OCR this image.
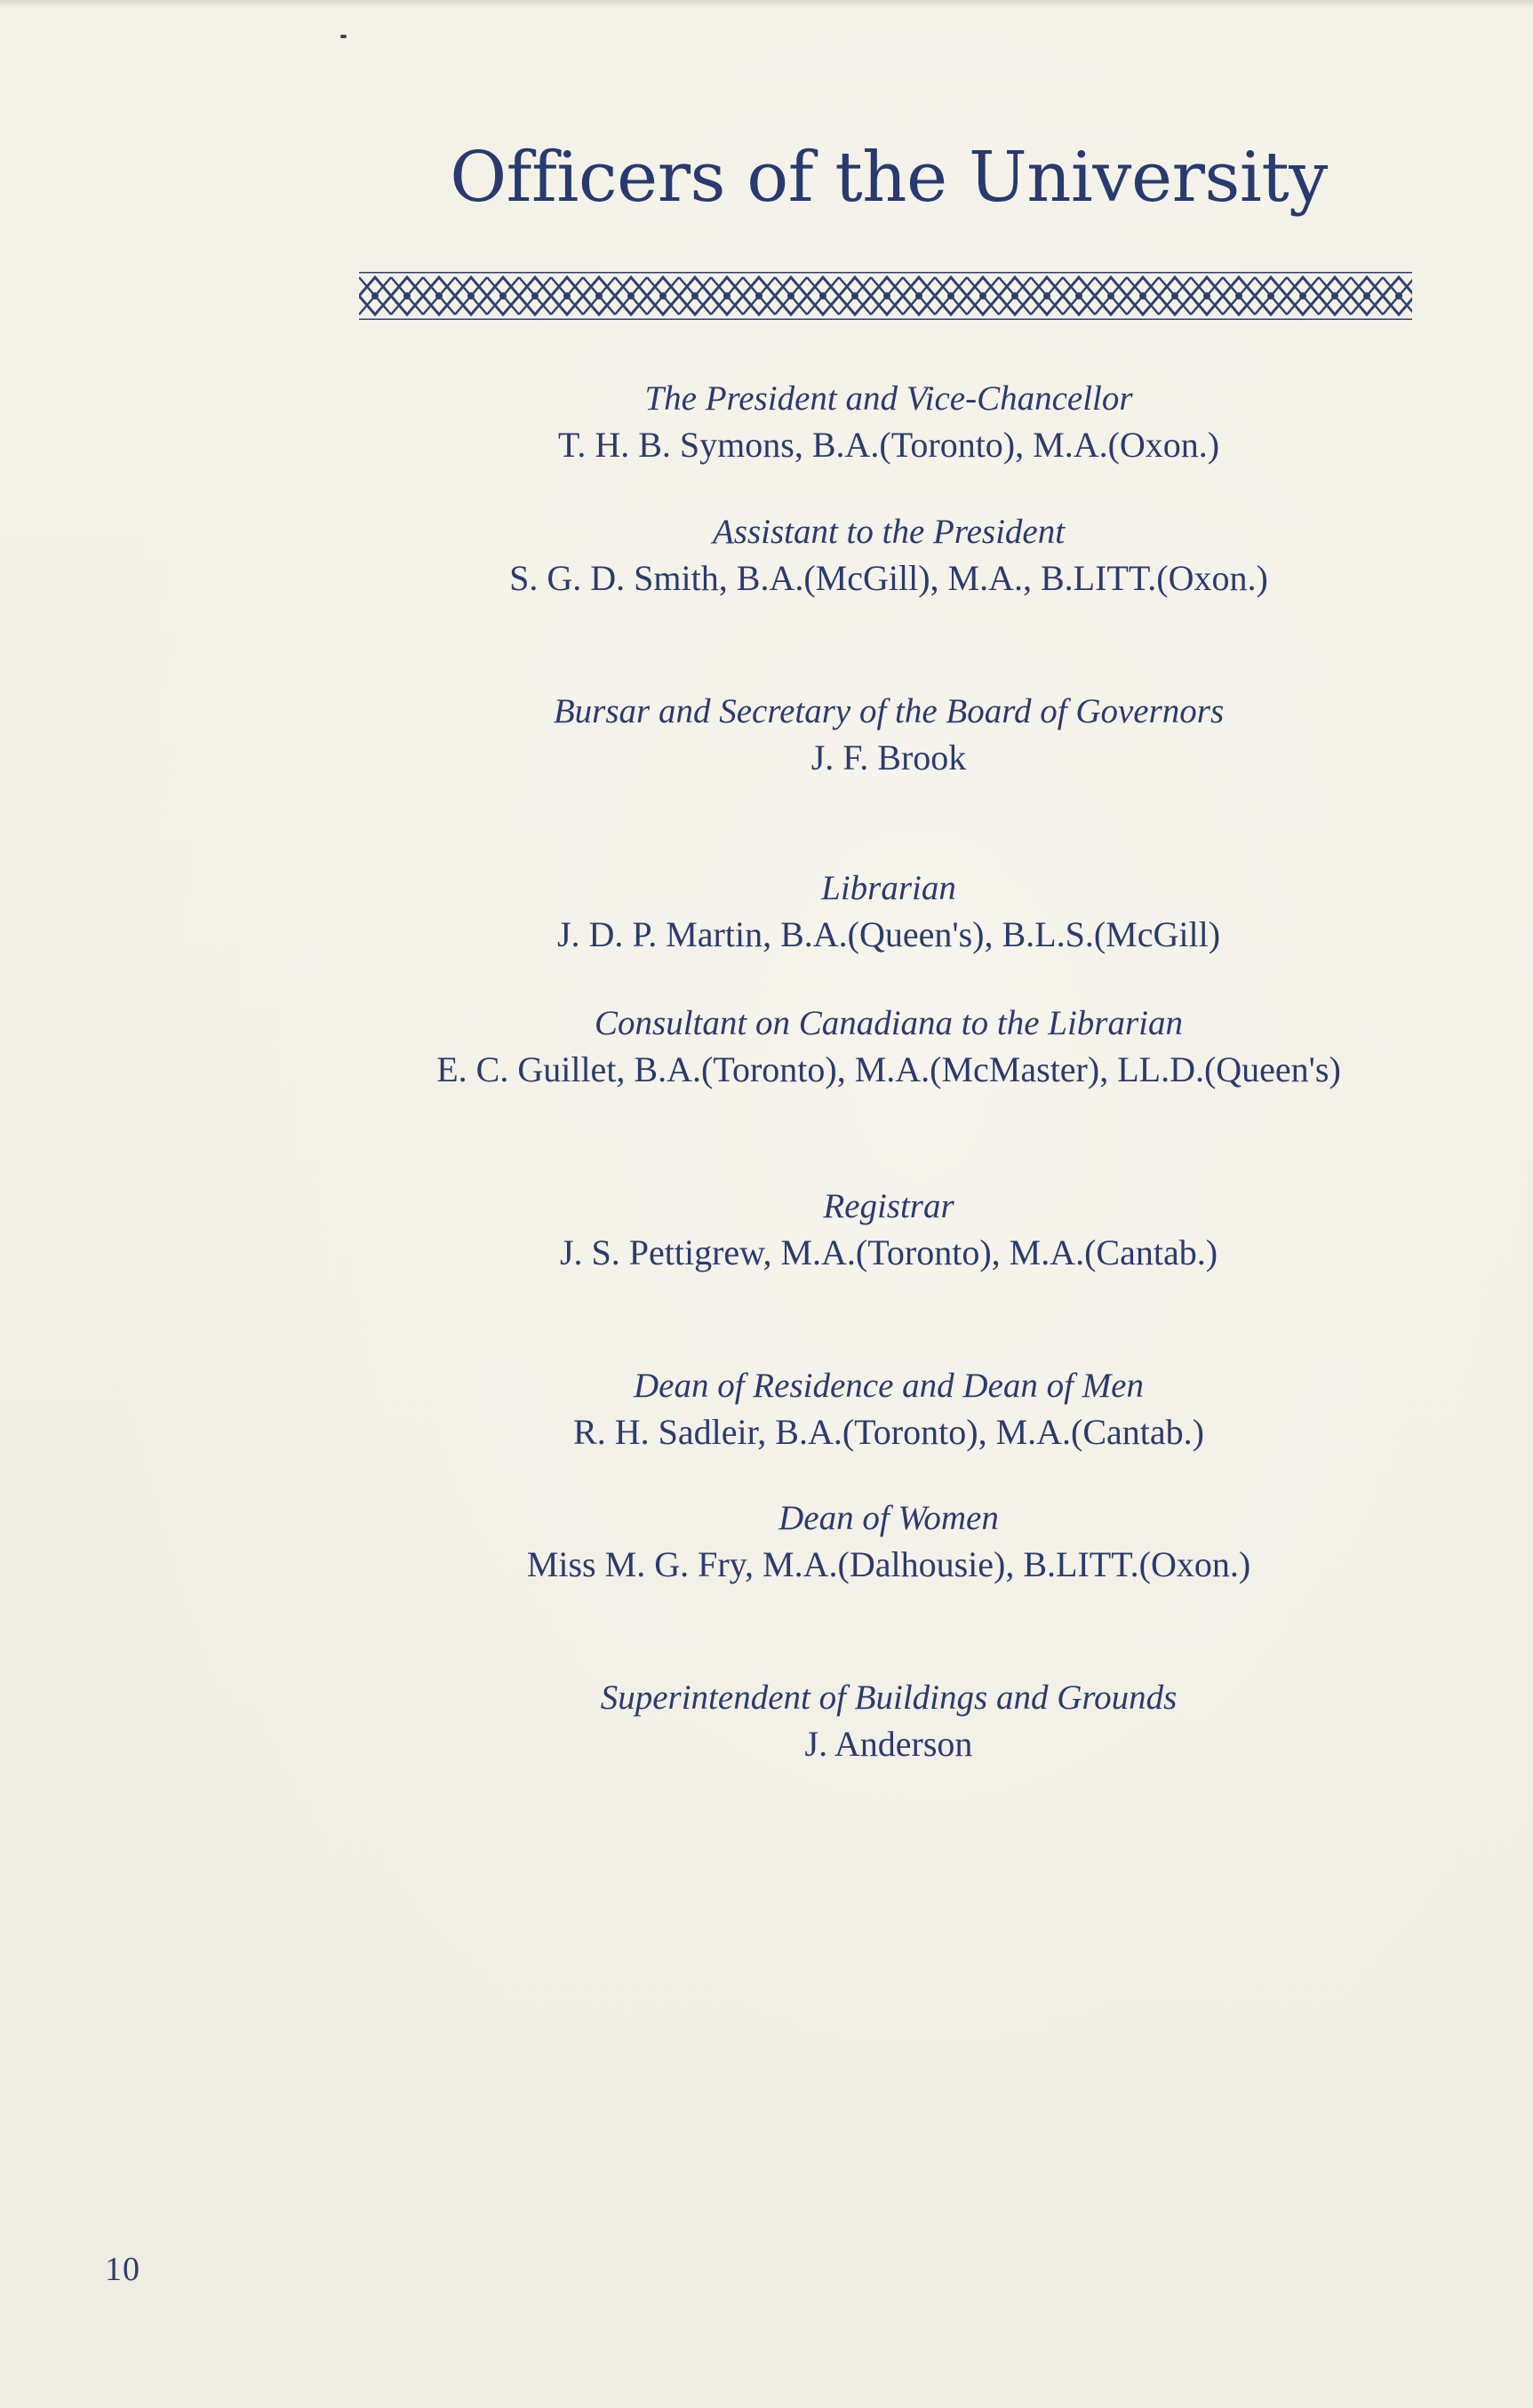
Officers of the University
The President and Vice-Chancellor
T. H. B. Symons, B.A.(Toronto), M.A.(Oxon.)
Assistant to the President
S. G. D. Smith, B.A.(McGill), M.A., B.LITT.(Oxon.)
Bursar and Secretary of the Board of Governors
J. F. Brook
Librarian
J. D. P. Martin, B.A.(Queen's), B.L.S.(McGill)
Consultant on Canadiana to the Librarian
E. C. Guillet, B.A.(Toronto), M.A.(McMaster), LL.D.(Queen's)
Registrar
J. S. Pettigrew, M.A.(Toronto), M.A.(Cantab.)
Dean of Residence and Dean of Men
R. H. Sadleir, B.A.(Toronto), M.A.(Cantab.)
Dean of Women
Miss M. G. Fry, M.A.(Dalhousie), B.LITT.(Oxon.)
Superintendent of Buildings and Grounds
J. Anderson
10
